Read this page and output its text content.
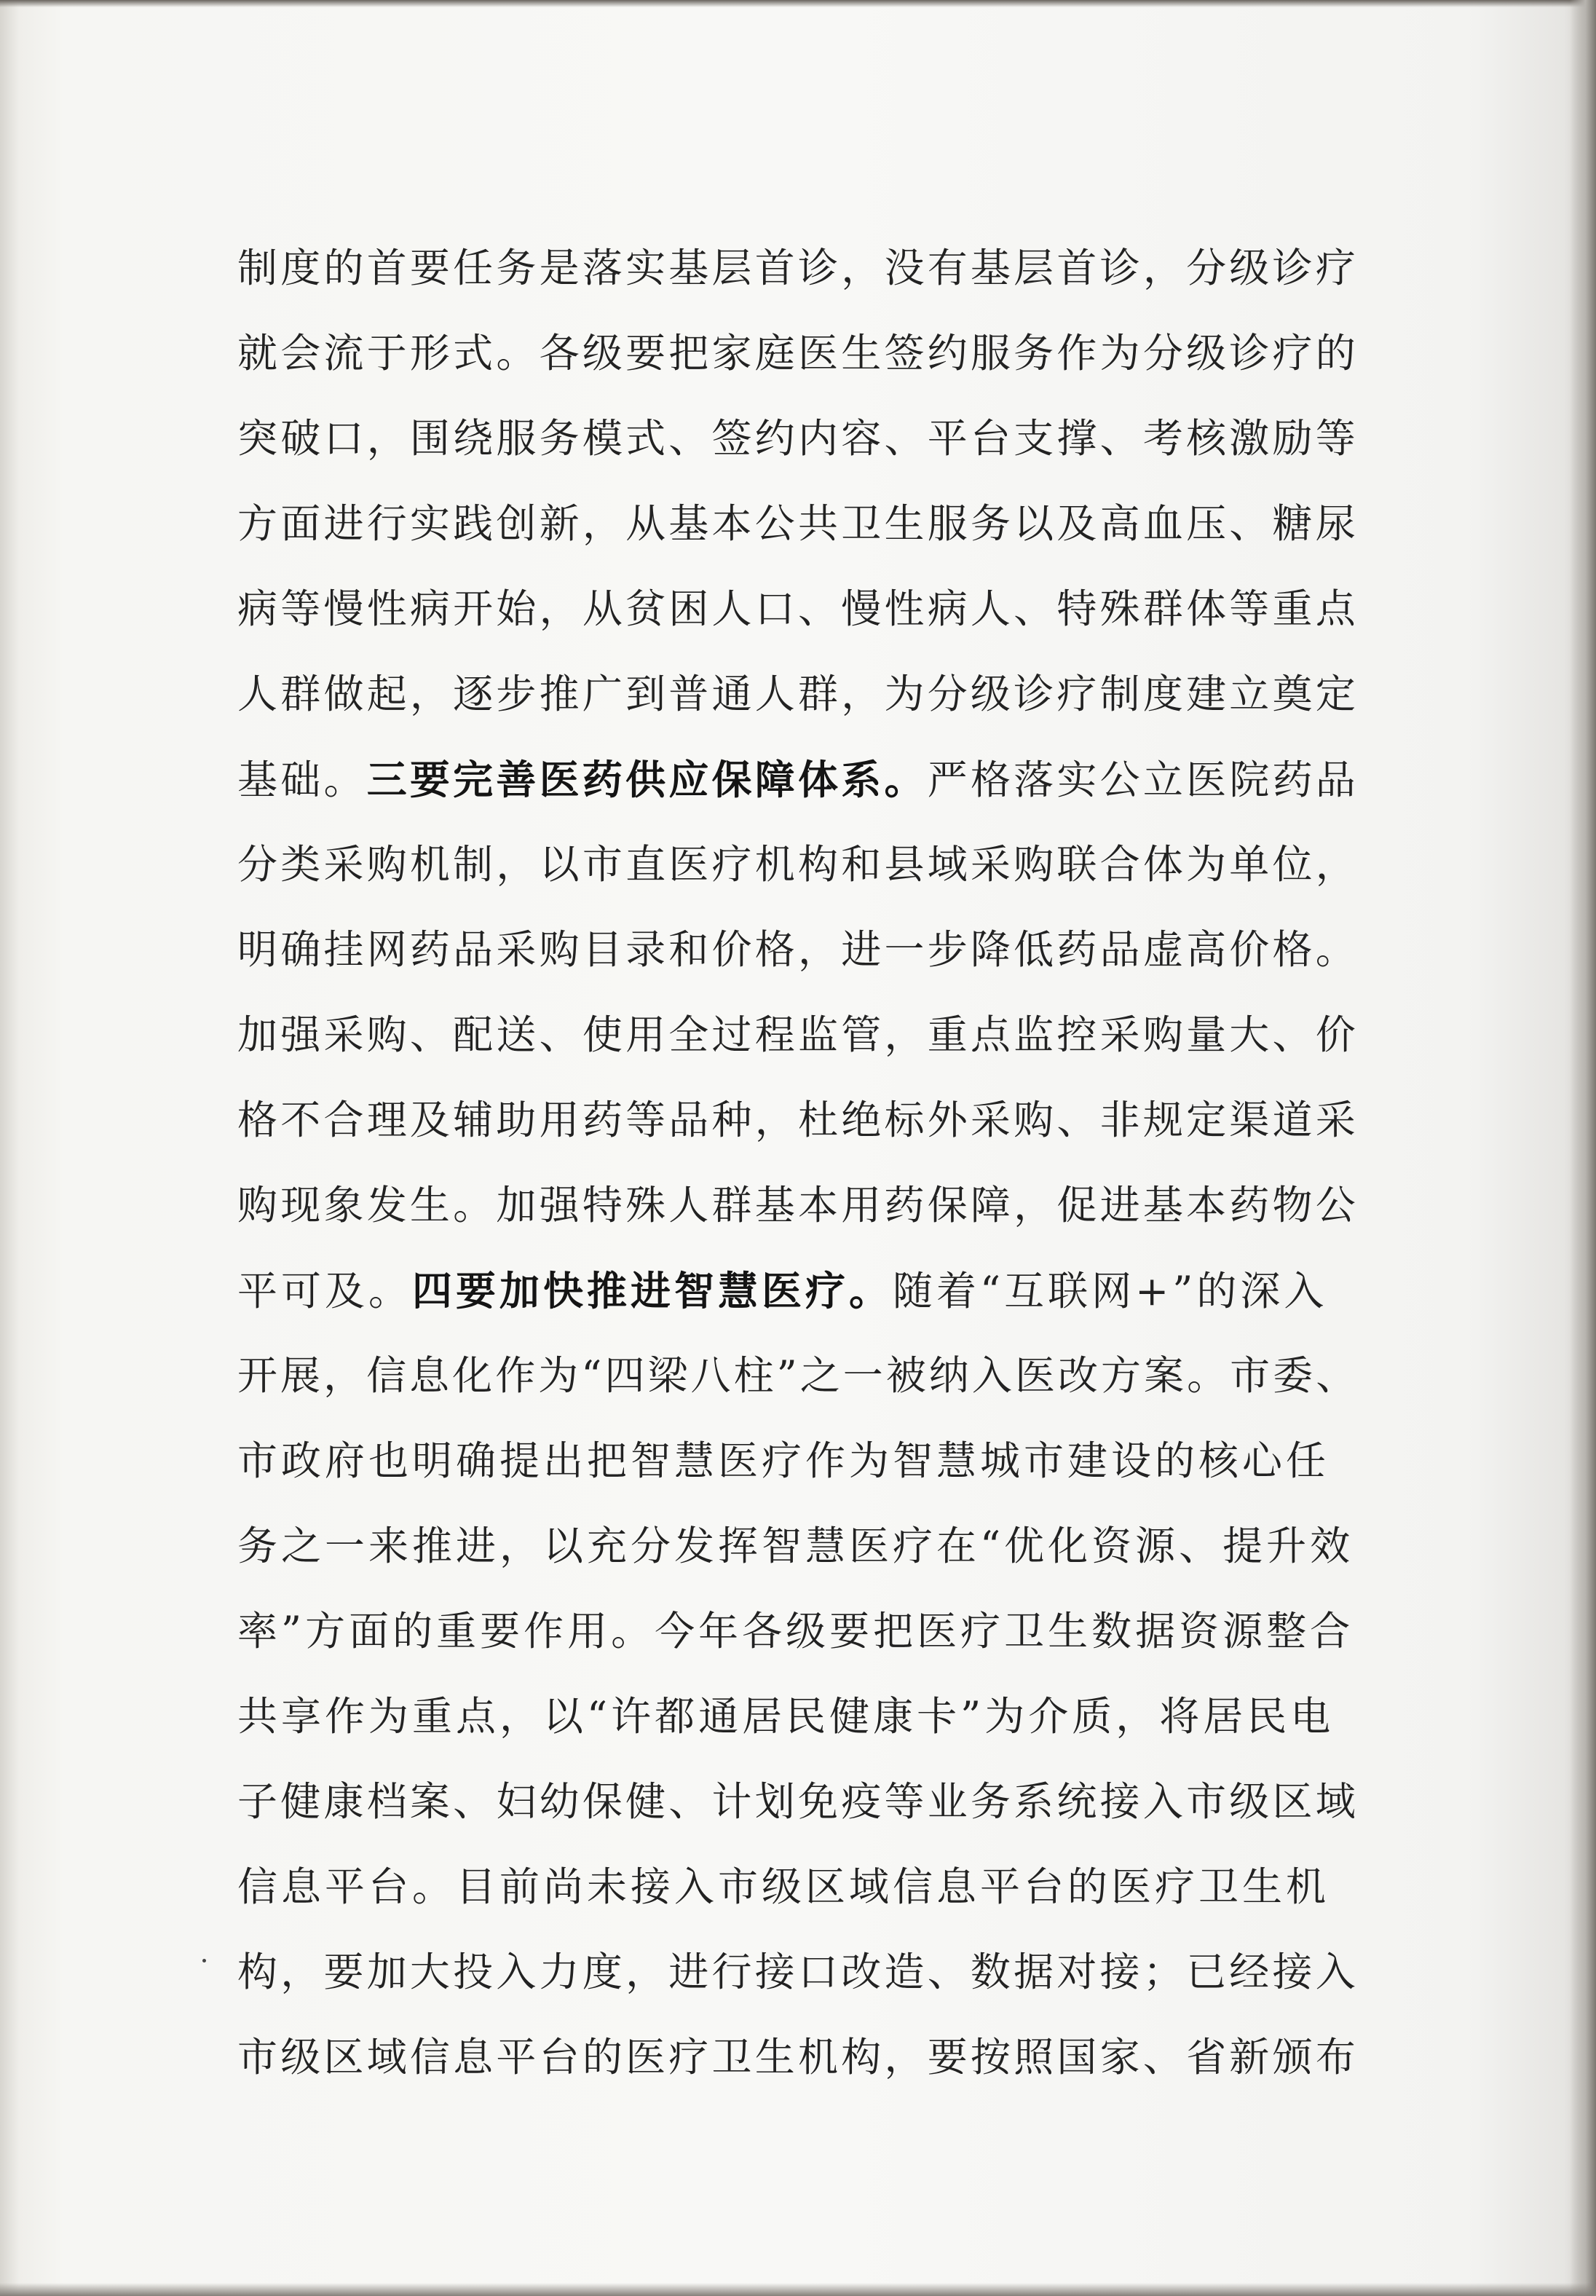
制度的首要任务是落实基层首诊，没有基层首诊，分级诊疗
就会流于形式。各级要把家庭医生签约服务作为分级诊疗的
突破口，围绕服务模式、签约内容、平台支撑、考核激励等
方面进行实践创新，从基本公共卫生服务以及高血压、糖尿
病等慢性病开始，从贫困人口、慢性病人、特殊群体等重点
人群做起，逐步推广到普通人群，为分级诊疗制度建立奠定
基础。三要完善医药供应保障体系。严格落实公立医院药品
分类采购机制，以市直医疗机构和县域采购联合体为单位，
明确挂网药品采购目录和价格，进一步降低药品虚高价格。
加强采购、配送、使用全过程监管，重点监控采购量大、价
格不合理及辅助用药等品种，杜绝标外采购、非规定渠道采
购现象发生。加强特殊人群基本用药保障，促进基本药物公
平可及。四要加快推进智慧医疗。随着“互联网+”的深入
开展，信息化作为“四梁八柱”之一被纳入医改方案。市委、
市政府也明确提出把智慧医疗作为智慧城市建设的核心任
务之一来推进，以充分发挥智慧医疗在“优化资源、提升效
率”方面的重要作用。今年各级要把医疗卫生数据资源整合
共享作为重点，以“许都通居民健康卡”为介质，将居民电
子健康档案、妇幼保健、计划免疫等业务系统接入市级区域
信息平台。目前尚未接入市级区域信息平台的医疗卫生机
构，要加大投入力度，进行接口改造、数据对接；已经接入
市级区域信息平台的医疗卫生机构，要按照国家、省新颁布
